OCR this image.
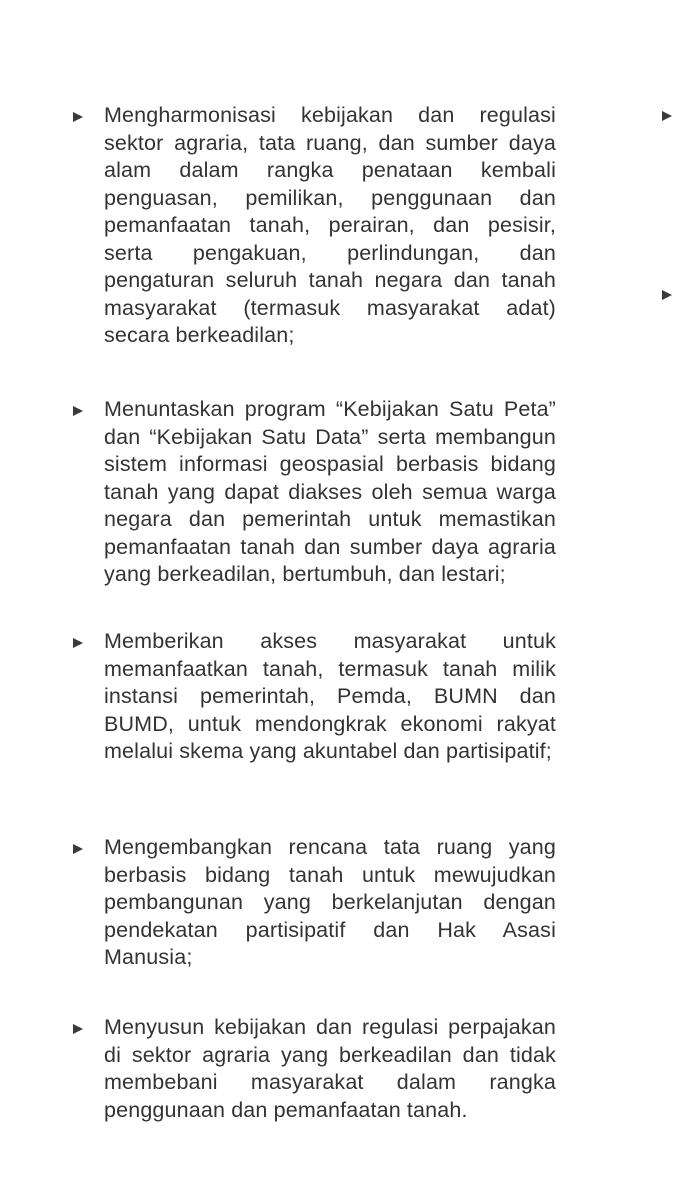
Mengharmonisasi kebijakan dan regulasi sektor agraria, tata ruang, dan sumber daya alam dalam rangka penataan kembali penguasan, pemilikan, penggunaan dan pemanfaatan tanah, perairan, dan pesisir, serta pengakuan, perlindungan, dan pengaturan seluruh tanah negara dan tanah masyarakat (termasuk masyarakat adat) secara berkeadilan;

Menuntaskan program “Kebijakan Satu Peta” dan “Kebijakan Satu Data” serta membangun sistem informasi geospasial berbasis bidang tanah yang dapat diakses oleh semua warga negara dan pemerintah untuk memastikan pemanfaatan tanah dan sumber daya agraria yang berkeadilan, bertumbuh, dan lestari;

Memberikan akses masyarakat untuk memanfaatkan tanah, termasuk tanah milik instansi pemerintah, Pemda, BUMN dan BUMD, untuk mendongkrak ekonomi rakyat melalui skema yang akuntabel dan partisipatif;

Mengembangkan rencana tata ruang yang berbasis bidang tanah untuk mewujudkan pembangunan yang berkelanjutan dengan pendekatan partisipatif dan Hak Asasi Manusia;

Menyusun kebijakan dan regulasi perpajakan di sektor agraria yang berkeadilan dan tidak membebani masyarakat dalam rangka penggunaan dan pemanfaatan tanah.
